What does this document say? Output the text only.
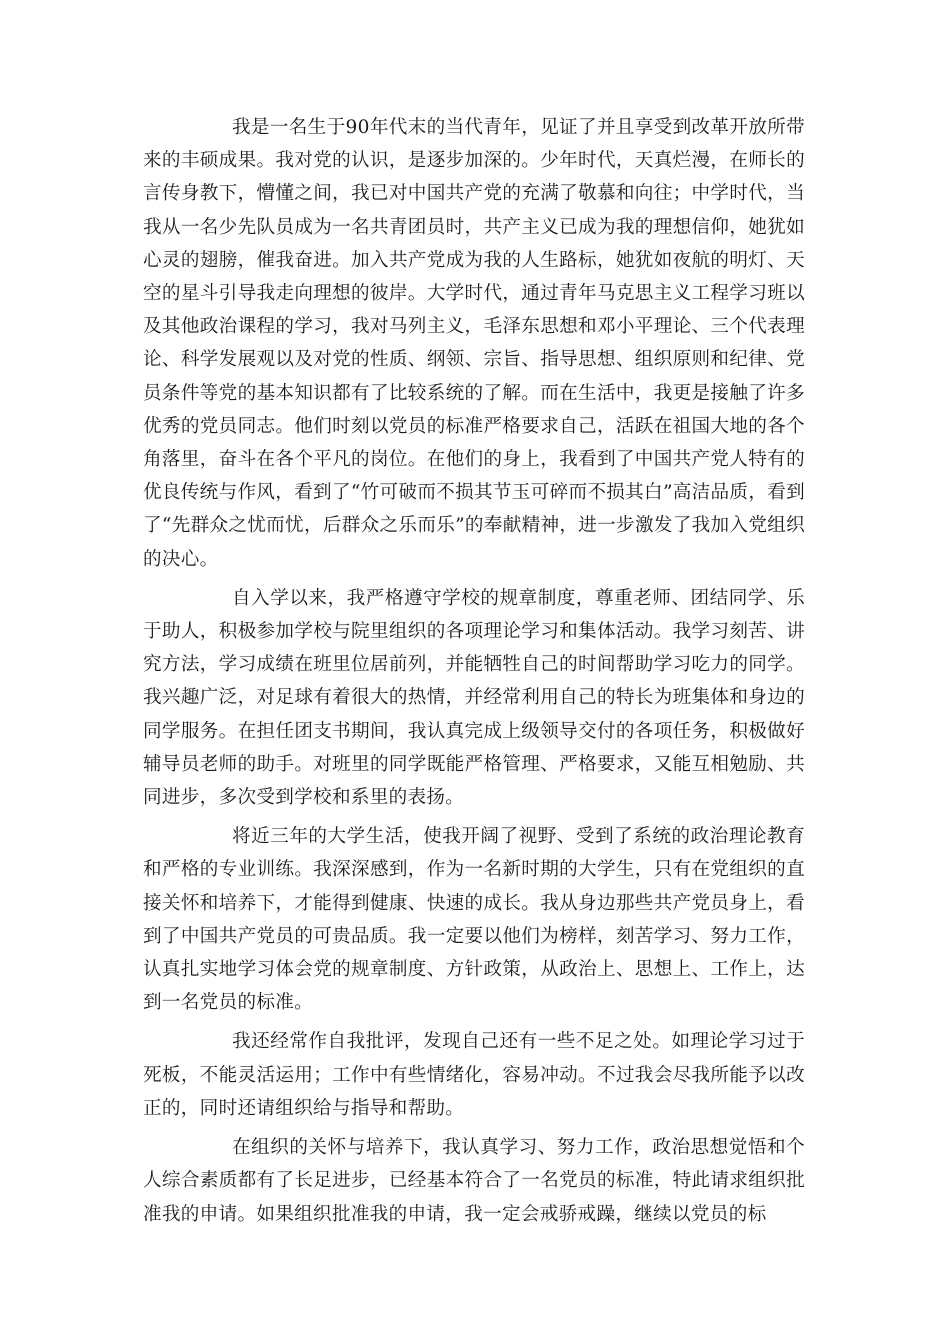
我是一名生于90年代末的当代青年，见证了并且享受到改革开放所带来的丰硕成果。我对党的认识，是逐步加深的。少年时代，天真烂漫，在师长的言传身教下，懵懂之间，我已对中国共产党的充满了敬慕和向往；中学时代，当我从一名少先队员成为一名共青团员时，共产主义已成为我的理想信仰，她犹如心灵的翅膀，催我奋进。加入共产党成为我的人生路标，她犹如夜航的明灯、天空的星斗引导我走向理想的彼岸。大学时代，通过青年马克思主义工程学习班以及其他政治课程的学习，我对马列主义，毛泽东思想和邓小平理论、三个代表理论、科学发展观以及对党的性质、纲领、宗旨、指导思想、组织原则和纪律、党员条件等党的基本知识都有了比较系统的了解。而在生活中，我更是接触了许多优秀的党员同志。他们时刻以党员的标准严格要求自己，活跃在祖国大地的各个角落里，奋斗在各个平凡的岗位。在他们的身上，我看到了中国共产党人特有的优良传统与作风，看到了“竹可破而不损其节玉可碎而不损其白”高洁品质，看到了“先群众之忧而忧，后群众之乐而乐”的奉献精神，进一步激发了我加入党组织的决心。

自入学以来，我严格遵守学校的规章制度，尊重老师、团结同学、乐于助人，积极参加学校与院里组织的各项理论学习和集体活动。我学习刻苦、讲究方法，学习成绩在班里位居前列，并能牺牲自己的时间帮助学习吃力的同学。我兴趣广泛，对足球有着很大的热情，并经常利用自己的特长为班集体和身边的同学服务。在担任团支书期间，我认真完成上级领导交付的各项任务，积极做好辅导员老师的助手。对班里的同学既能严格管理、严格要求，又能互相勉励、共同进步，多次受到学校和系里的表扬。

将近三年的大学生活，使我开阔了视野、受到了系统的政治理论教育和严格的专业训练。我深深感到，作为一名新时期的大学生，只有在党组织的直接关怀和培养下，才能得到健康、快速的成长。我从身边那些共产党员身上，看到了中国共产党员的可贵品质。我一定要以他们为榜样，刻苦学习、努力工作，认真扎实地学习体会党的规章制度、方针政策，从政治上、思想上、工作上，达到一名党员的标准。

我还经常作自我批评，发现自己还有一些不足之处。如理论学习过于死板，不能灵活运用；工作中有些情绪化，容易冲动。不过我会尽我所能予以改正的，同时还请组织给与指导和帮助。

在组织的关怀与培养下，我认真学习、努力工作，政治思想觉悟和个人综合素质都有了长足进步，已经基本符合了一名党员的标准，特此请求组织批准我的申请。如果组织批准我的申请，我一定会戒骄戒躁，继续以党员的标
